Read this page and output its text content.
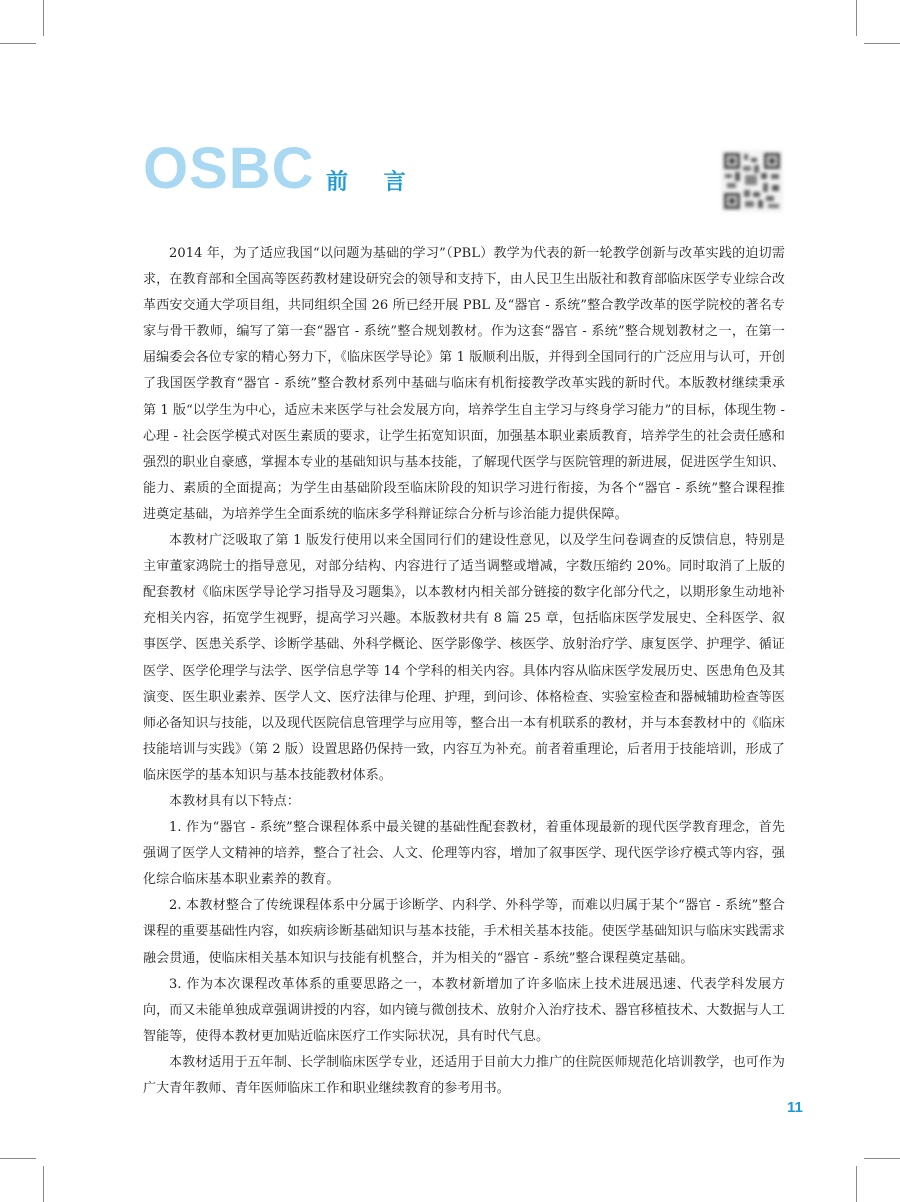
OSBC 前 言

2014 年，为了适应我国“以问题为基础的学习”（PBL）教学为代表的新一轮教学创新与改革实践的迫切需求，在教育部和全国高等医药教材建设研究会的领导和支持下，由人民卫生出版社和教育部临床医学专业综合改革西安交通大学项目组，共同组织全国 26 所已经开展 PBL 及“器官 - 系统”整合教学改革的医学院校的著名专家与骨干教师，编写了第一套“器官 - 系统”整合规划教材。作为这套“器官 - 系统”整合规划教材之一，在第一届编委会各位专家的精心努力下，《临床医学导论》第 1 版顺利出版，并得到全国同行的广泛应用与认可，开创了我国医学教育“器官 - 系统”整合教材系列中基础与临床有机衔接教学改革实践的新时代。本版教材继续秉承第 1 版“以学生为中心，适应未来医学与社会发展方向，培养学生自主学习与终身学习能力”的目标，体现生物 - 心理 - 社会医学模式对医生素质的要求，让学生拓宽知识面，加强基本职业素质教育，培养学生的社会责任感和强烈的职业自豪感，掌握本专业的基础知识与基本技能，了解现代医学与医院管理的新进展，促进医学生知识、能力、素质的全面提高；为学生由基础阶段至临床阶段的知识学习进行衔接，为各个“器官 - 系统”整合课程推进奠定基础，为培养学生全面系统的临床多学科辩证综合分析与诊治能力提供保障。

本教材广泛吸取了第 1 版发行使用以来全国同行们的建设性意见，以及学生问卷调查的反馈信息，特别是主审董家鸿院士的指导意见，对部分结构、内容进行了适当调整或增减，字数压缩约 20%。同时取消了上版的配套教材《临床医学导论学习指导及习题集》，以本教材内相关部分链接的数字化部分代之，以期形象生动地补充相关内容，拓宽学生视野，提高学习兴趣。本版教材共有 8 篇 25 章，包括临床医学发展史、全科医学、叙事医学、医患关系学、诊断学基础、外科学概论、医学影像学、核医学、放射治疗学、康复医学、护理学、循证医学、医学伦理学与法学、医学信息学等 14 个学科的相关内容。具体内容从临床医学发展历史、医患角色及其演变、医生职业素养、医学人文、医疗法律与伦理、护理，到问诊、体格检查、实验室检查和器械辅助检查等医师必备知识与技能，以及现代医院信息管理学与应用等，整合出一本有机联系的教材，并与本套教材中的《临床技能培训与实践》（第 2 版）设置思路仍保持一致，内容互为补充。前者着重理论，后者用于技能培训，形成了临床医学的基本知识与基本技能教材体系。

本教材具有以下特点：

1. 作为“器官 - 系统”整合课程体系中最关键的基础性配套教材，着重体现最新的现代医学教育理念，首先强调了医学人文精神的培养，整合了社会、人文、伦理等内容，增加了叙事医学、现代医学诊疗模式等内容，强化综合临床基本职业素养的教育。

2. 本教材整合了传统课程体系中分属于诊断学、内科学、外科学等，而难以归属于某个“器官 - 系统”整合课程的重要基础性内容，如疾病诊断基础知识与基本技能，手术相关基本技能。使医学基础知识与临床实践需求融会贯通，使临床相关基本知识与技能有机整合，并为相关的“器官 - 系统”整合课程奠定基础。

3. 作为本次课程改革体系的重要思路之一，本教材新增加了许多临床上技术进展迅速、代表学科发展方向，而又未能单独成章强调讲授的内容，如内镜与微创技术、放射介入治疗技术、器官移植技术、大数据与人工智能等，使得本教材更加贴近临床医疗工作实际状况，具有时代气息。

本教材适用于五年制、长学制临床医学专业，还适用于目前大力推广的住院医师规范化培训教学，也可作为广大青年教师、青年医师临床工作和职业继续教育的参考用书。

11
